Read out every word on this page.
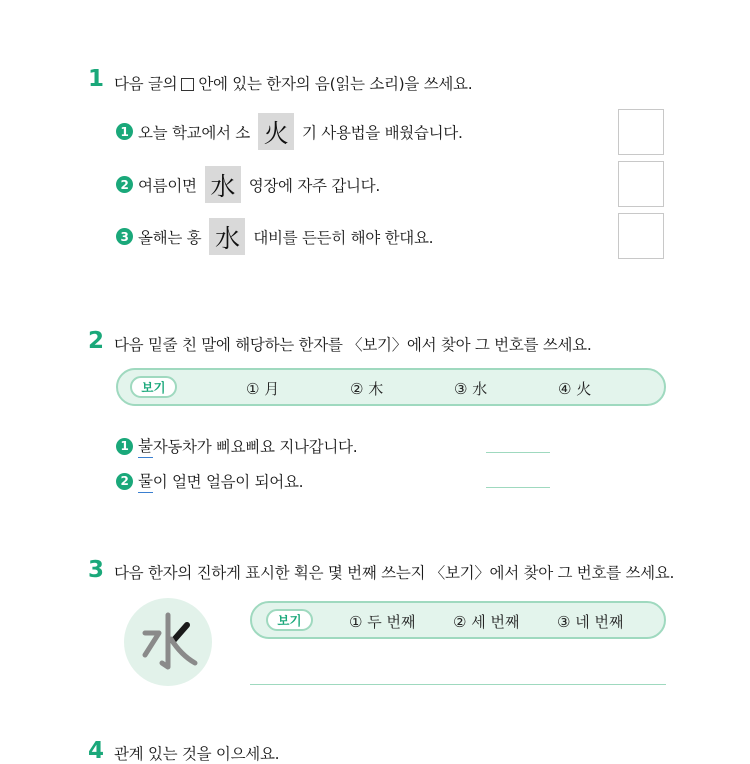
1 다음 글의 안에 있는 한자의 음(읽는 소리)을 쓰세요.
1 오늘 학교에서 소 火 기 사용법을 배웠습니다.
2 여름이면 水 영장에 자주 갑니다.
3 올해는 홍 水 대비를 든든히 해야 한대요.
2 다음 밑줄 친 말에 해당하는 한자를 〈보기〉에서 찾아 그 번호를 쓰세요.
보기	① 月	② 木	③ 水	④ 火
1 불 자동차가 삐요삐요 지나갑니다.
2 물 이 얼면 얼음이 되어요.
3 다음 한자의 진하게 표시한 획은 몇 번째 쓰는지 〈보기〉에서 찾아 그 번호를 쓰세요.
보기	① 두 번째	② 세 번째	③ 네 번째
4 관계 있는 것을 이으세요.
